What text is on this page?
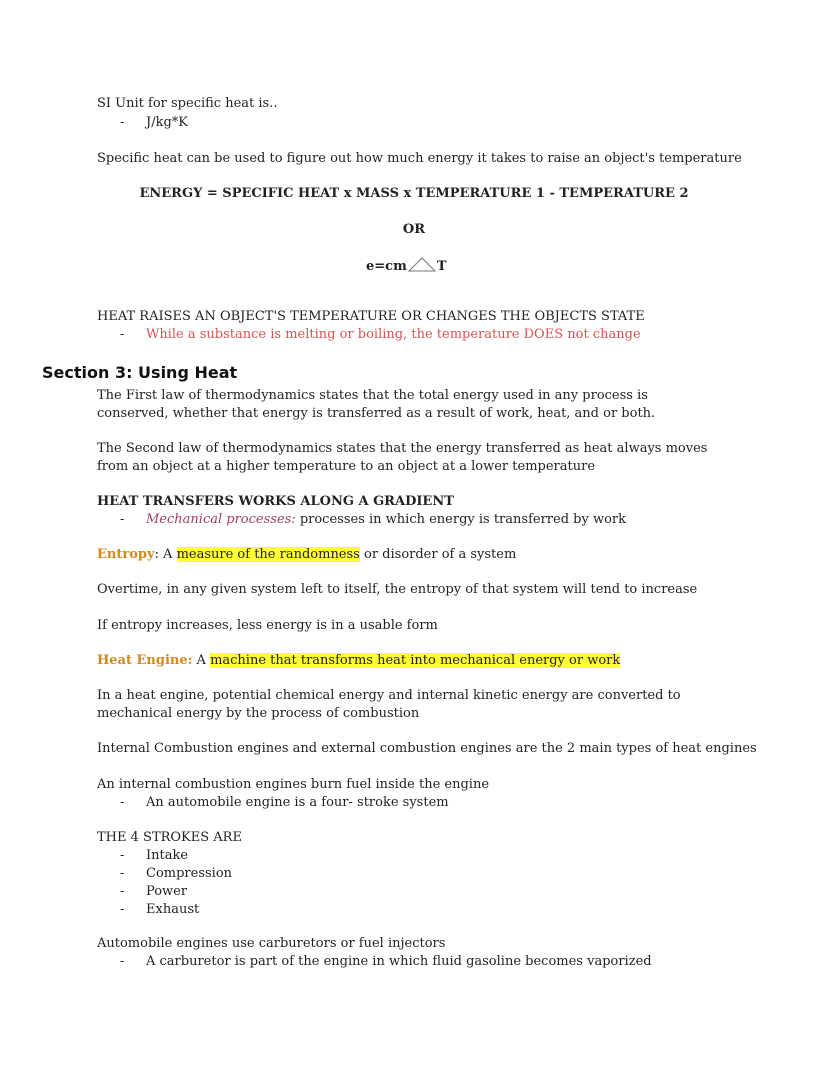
SI Unit for specific heat is..
- J/kg*K
Specific heat can be used to figure out how much energy it takes to raise an object's temperature
ENERGY = SPECIFIC HEAT x MASS x TEMPERATURE 1 - TEMPERATURE 2
OR
e=cm T
HEAT RAISES AN OBJECT'S TEMPERATURE OR CHANGES THE OBJECTS STATE
- While a substance is melting or boiling, the temperature DOES not change
Section 3: Using Heat
The First law of thermodynamics states that the total energy used in any process is conserved, whether that energy is transferred as a result of work, heat, and or both.
The Second law of thermodynamics states that the energy transferred as heat always moves from an object at a higher temperature to an object at a lower temperature
HEAT TRANSFERS WORKS ALONG A GRADIENT
- Mechanical processes: processes in which energy is transferred by work
Entropy: A measure of the randomness or disorder of a system
Overtime, in any given system left to itself, the entropy of that system will tend to increase
If entropy increases, less energy is in a usable form
Heat Engine: A machine that transforms heat into mechanical energy or work
In a heat engine, potential chemical energy and internal kinetic energy are converted to mechanical energy by the process of combustion
Internal Combustion engines and external combustion engines are the 2 main types of heat engines
An internal combustion engines burn fuel inside the engine
- An automobile engine is a four- stroke system
THE 4 STROKES ARE
- Intake
- Compression
- Power
- Exhaust
Automobile engines use carburetors or fuel injectors
- A carburetor is part of the engine in which fluid gasoline becomes vaporized
